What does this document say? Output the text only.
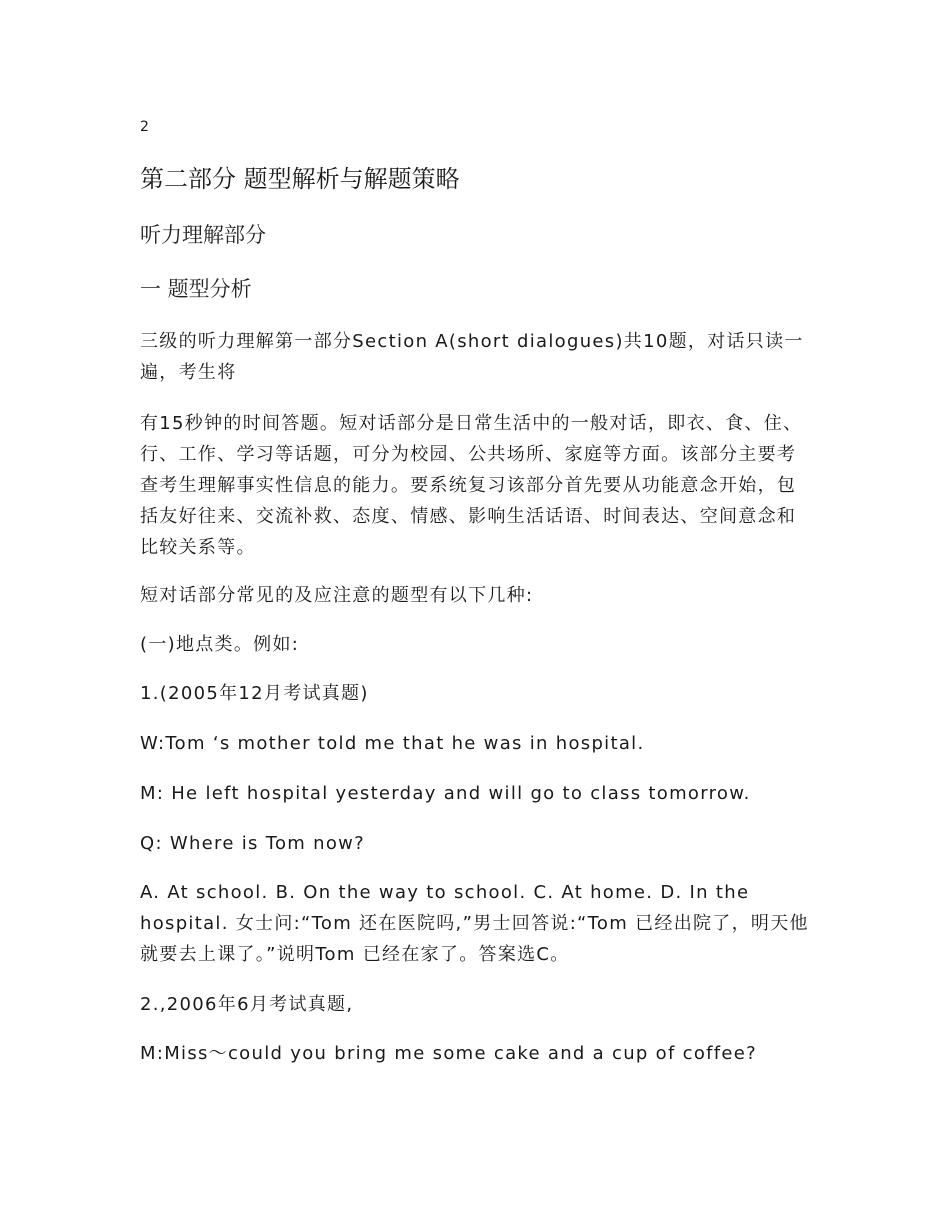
2
第二部分 题型解析与解题策略
听力理解部分
一 题型分析

三级的听力理解第一部分Section A(short dialogues)共10题，对话只读一遍，考生将

有15秒钟的时间答题。短对话部分是日常生活中的一般对话，即衣、食、住、行、工作、学习等话题，可分为校园、公共场所、家庭等方面。该部分主要考查考生理解事实性信息的能力。要系统复习该部分首先要从功能意念开始，包括友好往来、交流补救、态度、情感、影响生活话语、时间表达、空间意念和比较关系等。

短对话部分常见的及应注意的题型有以下几种:

(一)地点类。例如:

1.(2005年12月考试真题)

W:Tom ‘s mother told me that he was in hospital.

M: He left hospital yesterday and will go to class tomorrow.

Q: Where is Tom now?

A. At school. B. On the way to school. C. At home. D. In the hospital. 女士问:“Tom 还在医院吗,”男士回答说:“Tom 已经出院了，明天他就要去上课了。”说明Tom 已经在家了。答案选C。

2.,2006年6月考试真题,

M:Miss～could you bring me some cake and a cup of coffee?
